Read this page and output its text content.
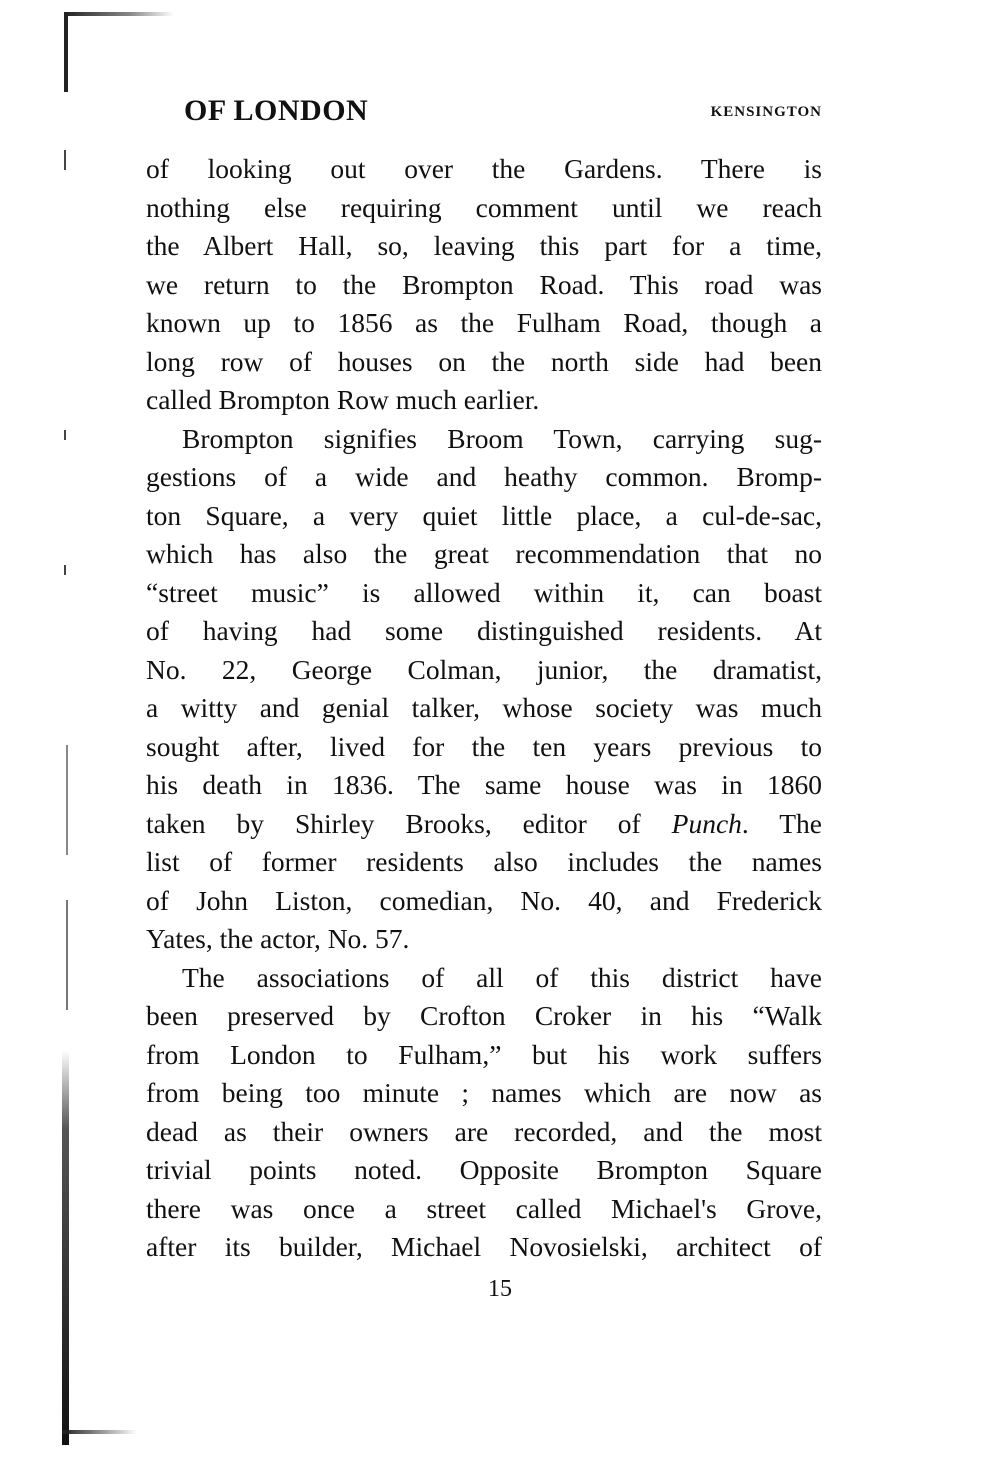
OF LONDON	KENSINGTON
of looking out over the Gardens. There is
nothing else requiring comment until we reach
the Albert Hall, so, leaving this part for a time,
we return to the Brompton Road. This road was
known up to 1856 as the Fulham Road, though a
long row of houses on the north side had been
called Brompton Row much earlier.
Brompton signifies Broom Town, carrying sug-
gestions of a wide and heathy common. Bromp-
ton Square, a very quiet little place, a cul-de-sac,
which has also the great recommendation that no
“street music” is allowed within it, can boast
of having had some distinguished residents. At
No. 22, George Colman, junior, the dramatist,
a witty and genial talker, whose society was much
sought after, lived for the ten years previous to
his death in 1836. The same house was in 1860
taken by Shirley Brooks, editor of Punch. The
list of former residents also includes the names
of John Liston, comedian, No. 40, and Frederick
Yates, the actor, No. 57.
The associations of all of this district have
been preserved by Crofton Croker in his “Walk
from London to Fulham,” but his work suffers
from being too minute ; names which are now as
dead as their owners are recorded, and the most
trivial points noted. Opposite Brompton Square
there was once a street called Michael's Grove,
after its builder, Michael Novosielski, architect of
15
